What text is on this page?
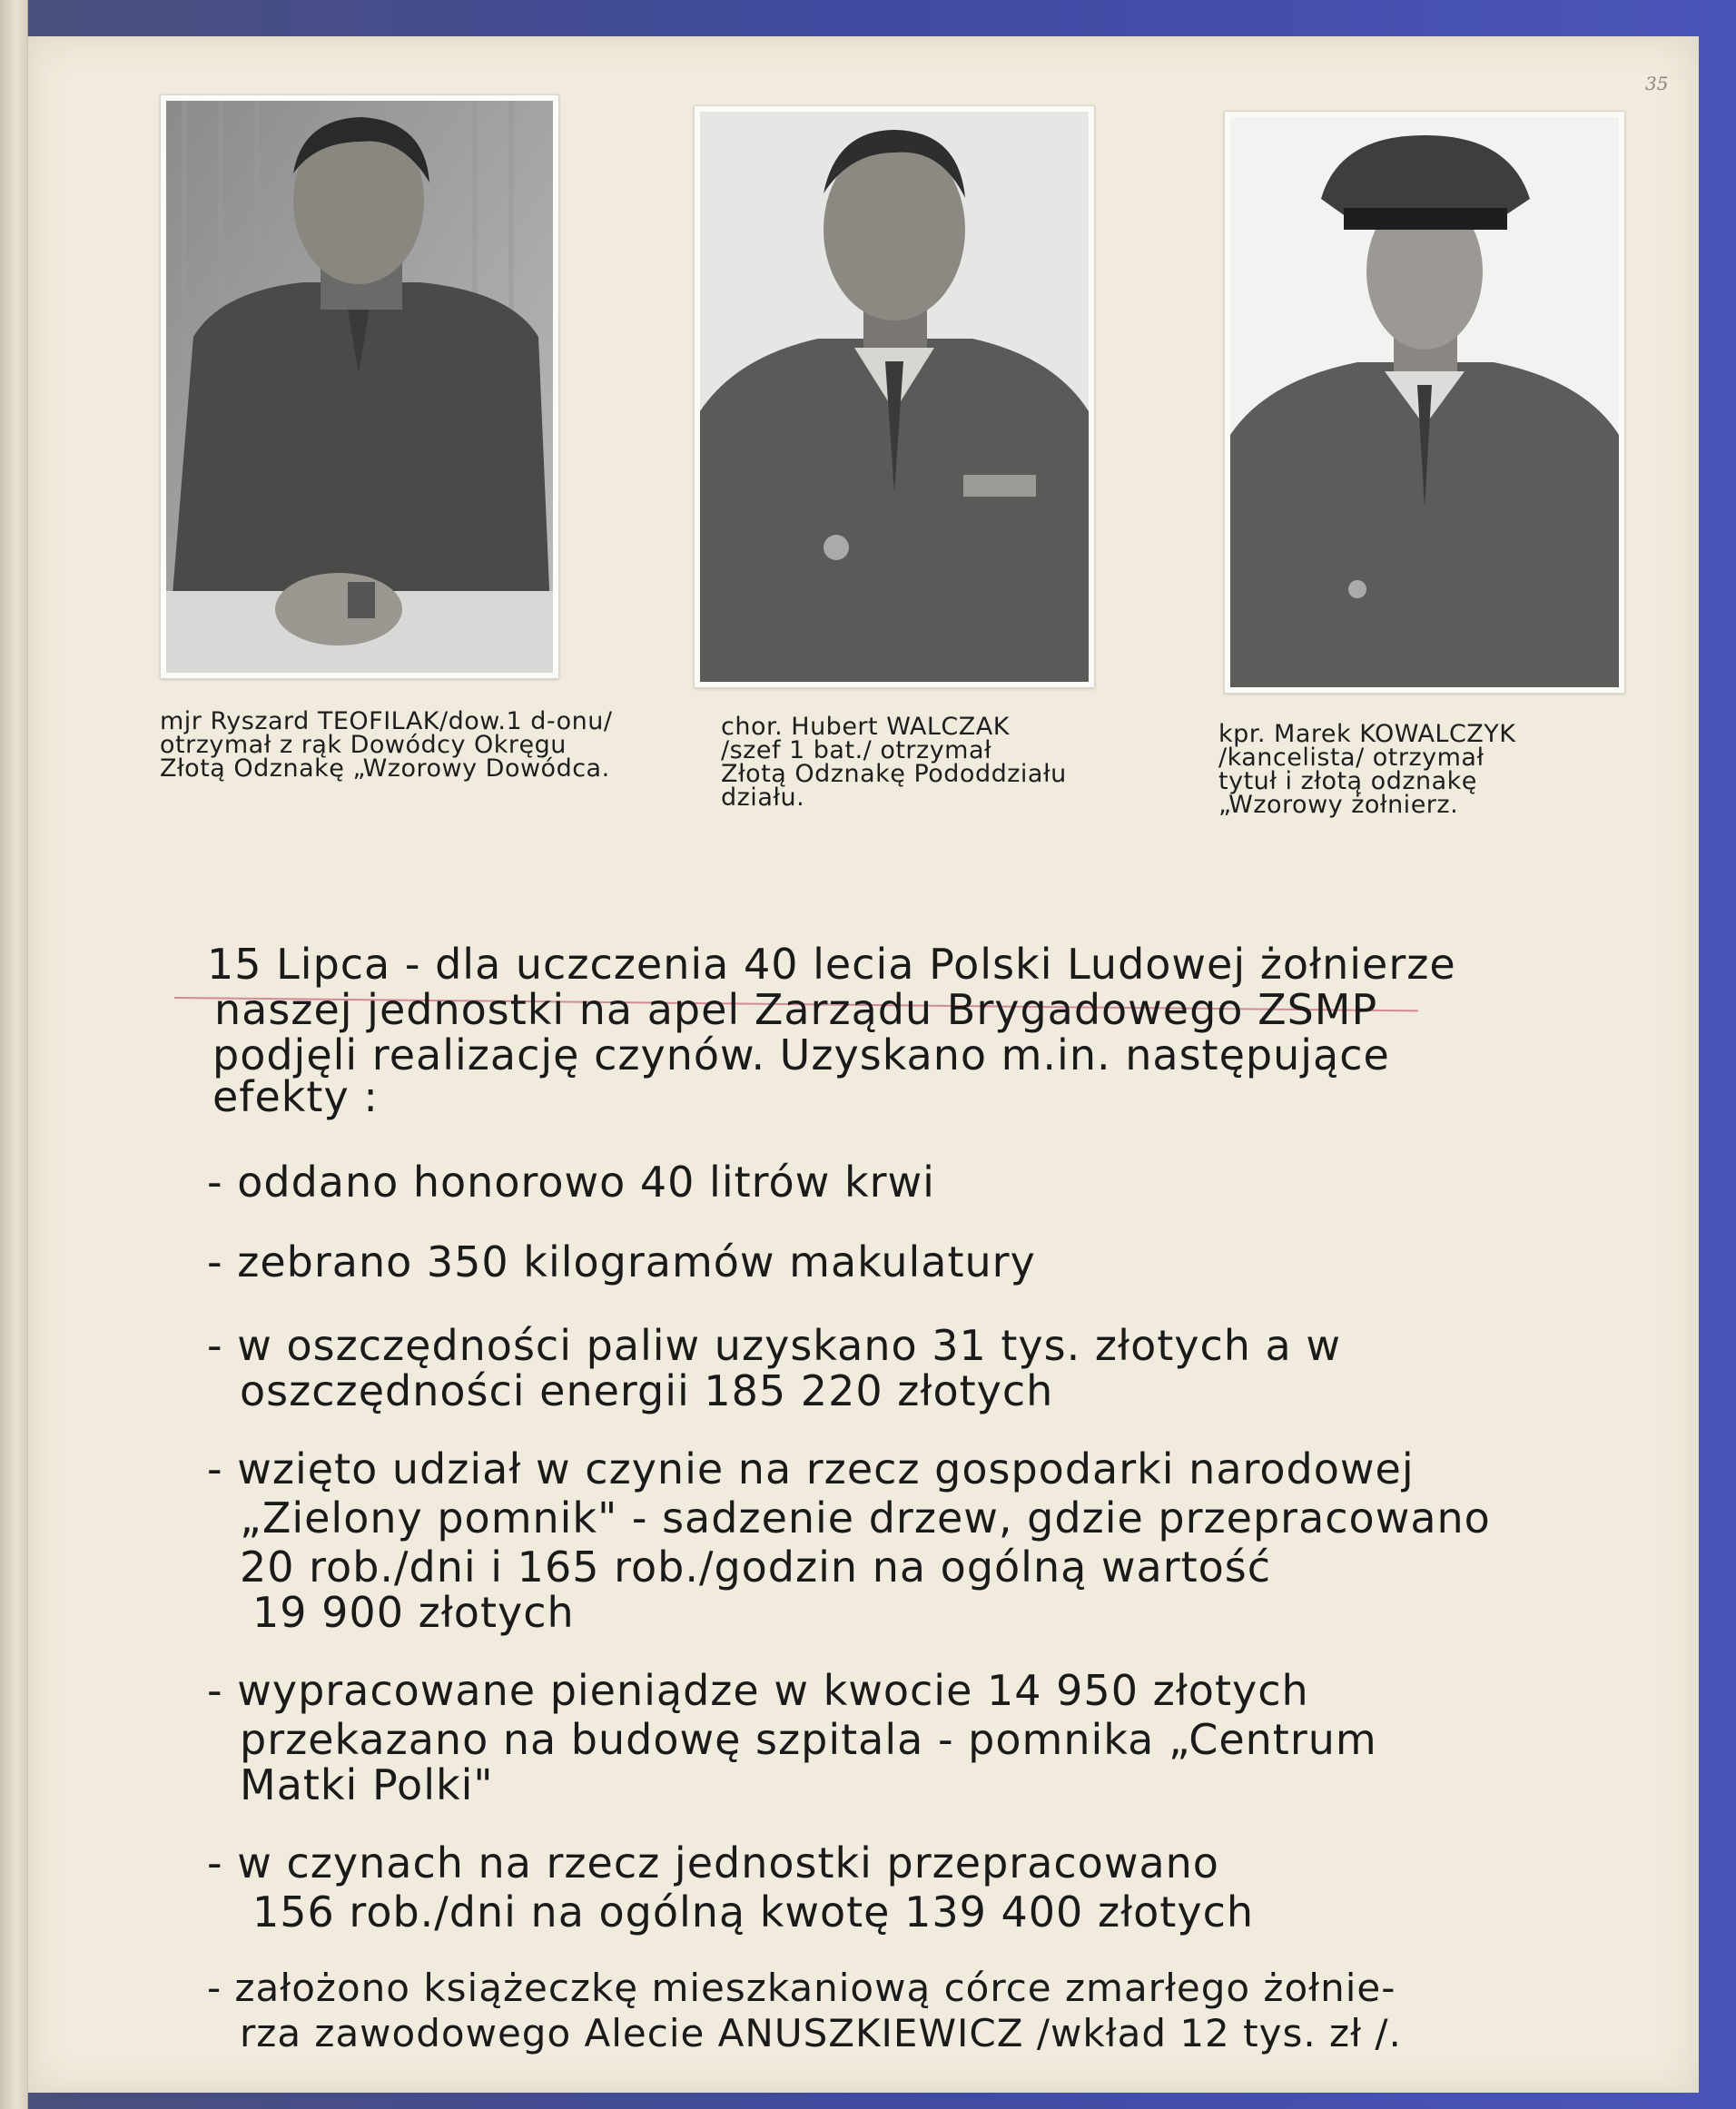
35
mjr Ryszard TEOFILAK/dow.1 d-onu/
otrzymał z rąk Dowódcy Okręgu
Złotą Odznakę „Wzorowy Dowódca.
chor. Hubert WALCZAK
/szef 1 bat./ otrzymał
Złotą Odznakę Pododdziału
działu.
kpr. Marek KOWALCZYK
/kancelista/ otrzymał
tytuł i złotą odznakę
„Wzorowy żołnierz.
15 Lipca - dla uczczenia 40 lecia Polski Ludowej żołnierze
naszej jednostki na apel Zarządu Brygadowego ZSMP
podjęli realizację czynów. Uzyskano m.in. następujące
efekty :
- oddano honorowo 40 litrów krwi
- zebrano 350 kilogramów makulatury
- w oszczędności paliw uzyskano 31 tys. złotych a w
oszczędności energii 185 220 złotych
- wzięto udział w czynie na rzecz gospodarki narodowej
„Zielony pomnik" - sadzenie drzew, gdzie przepracowano
20 rob./dni i 165 rob./godzin na ogólną wartość
19 900 złotych
- wypracowane pieniądze w kwocie 14 950 złotych
przekazano na budowę szpitala - pomnika „Centrum
Matki Polki"
- w czynach na rzecz jednostki przepracowano
156 rob./dni na ogólną kwotę 139 400 złotych
- założono książeczkę mieszkaniową córce zmarłego żołnie-
rza zawodowego Alecie ANUSZKIEWICZ /wkład 12 tys. zł /.
